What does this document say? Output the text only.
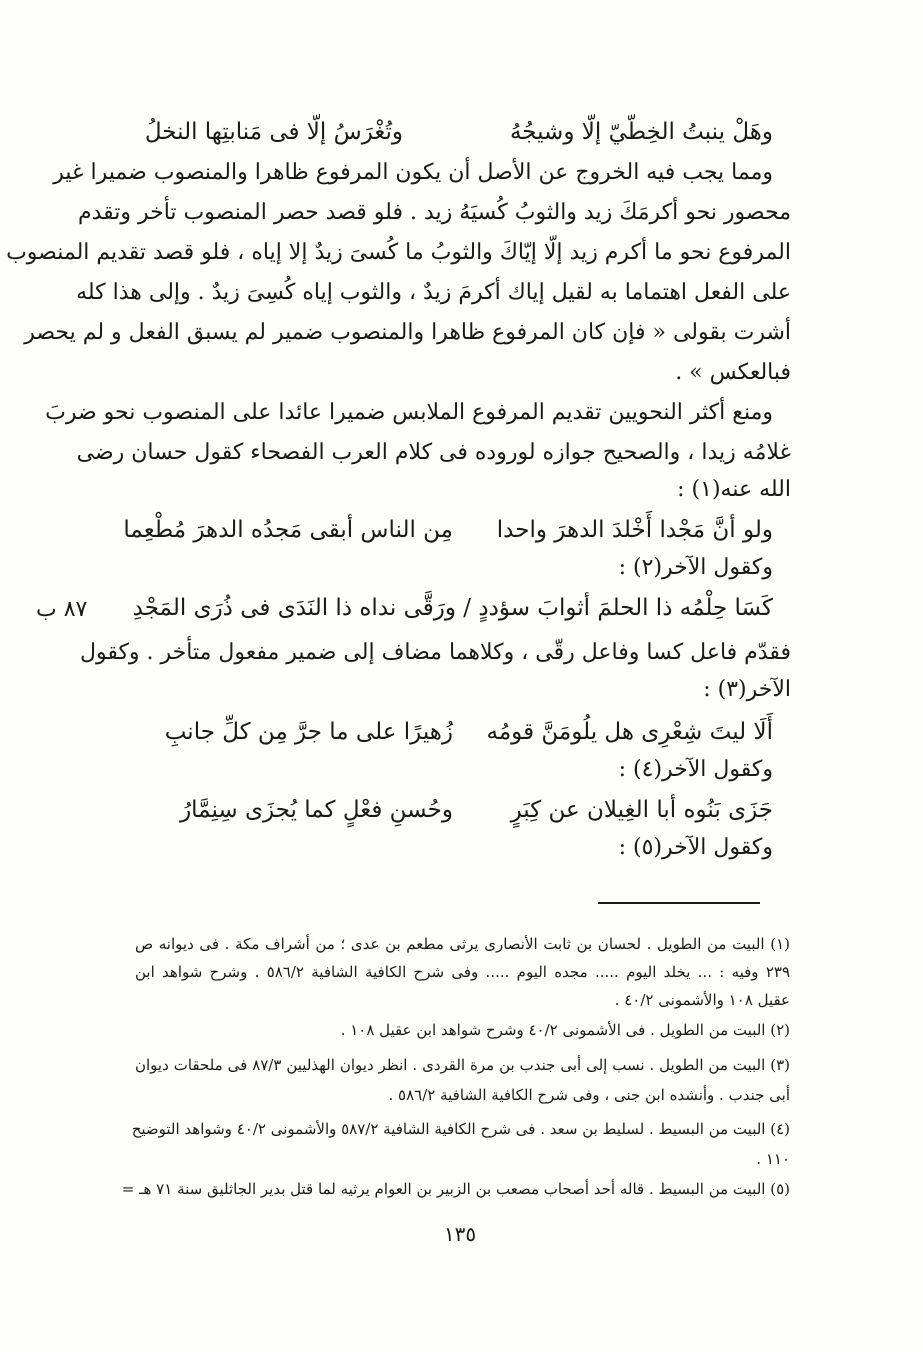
٨٧ ب
وهَلْ ينبتُ الخِطّيّ إلّا وشيجُهُ
وتُغْرَسُ إلّا فى مَنابتِها النخلُ
ومما يجب فيه الخروج عن الأصل أن يكون المرفوع ظاهرا والمنصوب ضميرا غير
محصور نحو أكرمَكَ زيد والثوبُ كُسيَهُ زيد . فلو قصد حصر المنصوب تأخر وتقدم
المرفوع نحو ما أكرم زيد إلّا إيّاكَ والثوبُ ما كُسىَ زيدٌ إلا إياه ، فلو قصد تقديم المنصوب
على الفعل اهتماما به لقيل إياك أكرمَ زيدٌ ، والثوب إياه كُسِىَ زيدٌ . وإلى هذا كله
أشرت بقولى « فإن كان المرفوع ظاهرا والمنصوب ضمير لم يسبق الفعل و لم يحصر
فبالعكس » .
ومنع أكثر النحويين تقديم المرفوع الملابس ضميرا عائدا على المنصوب نحو ضربَ
غلامُه زيدا ، والصحيح جوازه لوروده فى كلام العرب الفصحاء كقول حسان رضى
الله عنه(١) :
ولو أنَّ مَجْدا أَخْلدَ الدهرَ واحدا
مِن الناس أبقى مَجدُه الدهرَ مُطْعِما
وكقول الآخر(٢) :
كَسَا حِلْمُه ذا الحلمَ أثوابَ سؤددٍ / ورَقَّى نداه ذا النَدَى فى ذُرَى المَجْدِ
فقدّم فاعل كسا وفاعل رقّى ، وكلاهما مضاف إلى ضمير مفعول متأخر . وكقول
الآخر(٣) :
أَلَا ليتَ شِعْرِى هل يلُومَنَّ قومُه
زُهيرًا على ما جرَّ مِن كلِّ جانبِ
وكقول الآخر(٤) :
جَزَى بَنُوه أبا الغِيلان عن كِبَرٍ
وحُسنِ فعْلٍ كما يُجزَى سِنِمَّارُ
وكقول الآخر(٥) :
(١) البيت من الطويل . لحسان بن ثابت الأنصارى يرثى مطعم بن عدى ؛ من أشراف مكة . فى ديوانه ص
٢٣٩ وفيه : ... يخلد اليوم ..... مجده اليوم ..... وفى شرح الكافية الشافية ٥٨٦/٢ . وشرح شواهد ابن
عقيل ١٠٨ والأشمونى ٤٠/٢ .
(٢) البيت من الطويل . فى الأشمونى ٤٠/٢ وشرح شواهد ابن عقيل ١٠٨ .
(٣) البيت من الطويل . نسب إلى أبى جندب بن مرة القردى . انظر ديوان الهذليين ٨٧/٣ فى ملحقات ديوان
أبى جندب . وأنشده ابن جنى ، وفى شرح الكافية الشافية ٥٨٦/٢ .
(٤) البيت من البسيط . لسليط بن سعد . فى شرح الكافية الشافية ٥٨٧/٢ والأشمونى ٤٠/٢ وشواهد التوضيح
١١٠ .
(٥) البيت من البسيط . قاله أحد أصحاب مصعب بن الزبير بن العوام يرثيه لما قتل بدير الجاثليق سنة ٧١ هـ =
١٣٥
